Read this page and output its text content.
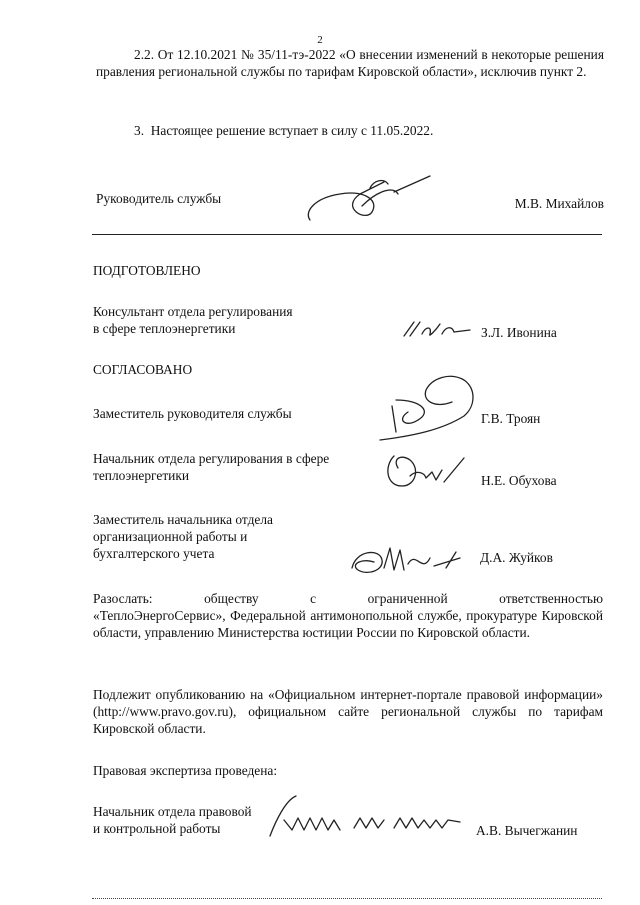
2
2.2. От 12.10.2021 № 35/11-тэ-2022 «О внесении изменений в некоторые решения правления региональной службы по тарифам Кировской области», исключив пункт 2.
3. Настоящее решение вступает в силу с 11.05.2022.
Руководитель службы	М.В. Михайлов
ПОДГОТОВЛЕНО
Консультант отдела регулирования
в сфере теплоэнергетики	З.Л. Ивонина
СОГЛАСОВАНО
Заместитель руководителя службы	Г.В. Троян
Начальник отдела регулирования в сфере
теплоэнергетики	Н.Е. Обухова
Заместитель начальника отдела
организационной работы и
бухгалтерского учета	Д.А. Жуйков
Разослать:	обществу	с	ограниченной	ответственностью
«ТеплоЭнергоСервис», Федеральной антимонопольной службе, прокуратуре Кировской области, управлению Министерства юстиции России по Кировской области.
Подлежит опубликованию на «Официальном интернет-портале правовой информации» (http://www.pravo.gov.ru), официальном сайте региональной службы по тарифам Кировской области.
Правовая экспертиза проведена:
Начальник отдела правовой
и контрольной работы	А.В. Вычегжанин
